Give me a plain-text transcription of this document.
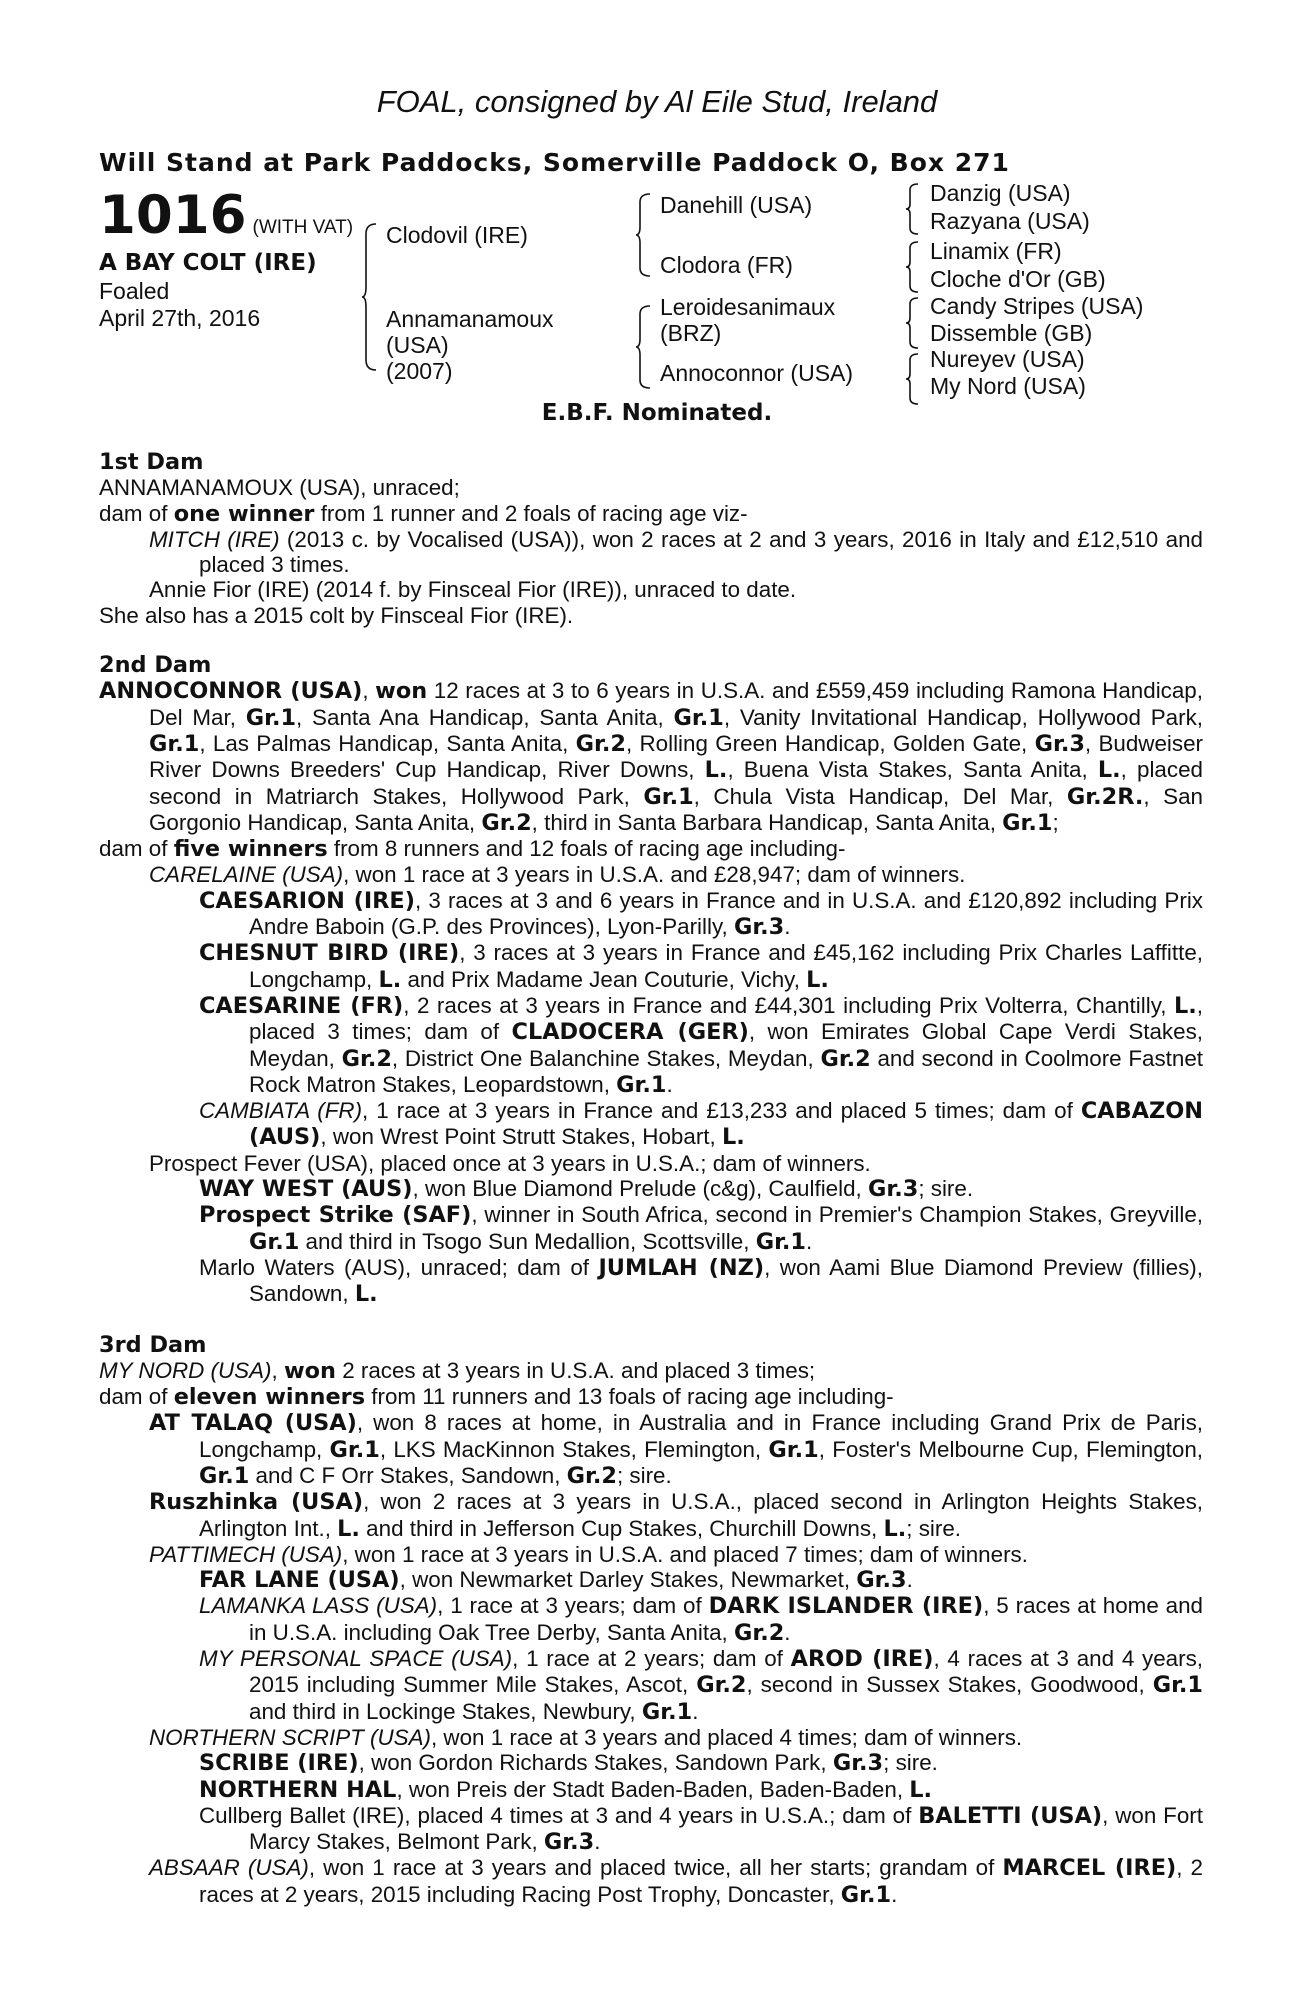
FOAL, consigned by Al Eile Stud, Ireland
Will Stand at Park Paddocks, Somerville Paddock O, Box 271
1016 (WITH VAT)
A BAY COLT (IRE)
Foaled
April 27th, 2016
Clodovil (IRE)
Annamanamoux
(USA)
(2007)
Danehill (USA)
Clodora (FR)
Leroidesanimaux
(BRZ)
Annoconnor (USA)
Danzig (USA)
Razyana (USA)
Linamix (FR)
Cloche d'Or (GB)
Candy Stripes (USA)
Dissemble (GB)
Nureyev (USA)
My Nord (USA)
E.B.F. Nominated.

1st Dam

ANNAMANAMOUX (USA), unraced;

dam of one winner from 1 runner and 2 foals of racing age viz-

MITCH (IRE) (2013 c. by Vocalised (USA)), won 2 races at 2 and 3 years, 2016 in Italy and £12,510 and placed 3 times.

Annie Fior (IRE) (2014 f. by Finsceal Fior (IRE)), unraced to date.

She also has a 2015 colt by Finsceal Fior (IRE).

2nd Dam

ANNOCONNOR (USA), won 12 races at 3 to 6 years in U.S.A. and £559,459 including Ramona Handicap, Del Mar, Gr.1, Santa Ana Handicap, Santa Anita, Gr.1, Vanity Invitational Handicap, Hollywood Park, Gr.1, Las Palmas Handicap, Santa Anita, Gr.2, Rolling Green Handicap, Golden Gate, Gr.3, Budweiser River Downs Breeders' Cup Handicap, River Downs, L., Buena Vista Stakes, Santa Anita, L., placed second in Matriarch Stakes, Hollywood Park, Gr.1, Chula Vista Handicap, Del Mar, Gr.2R., San Gorgonio Handicap, Santa Anita, Gr.2, third in Santa Barbara Handicap, Santa Anita, Gr.1;

dam of five winners from 8 runners and 12 foals of racing age including-

CARELAINE (USA), won 1 race at 3 years in U.S.A. and £28,947; dam of winners.

CAESARION (IRE), 3 races at 3 and 6 years in France and in U.S.A. and £120,892 including Prix Andre Baboin (G.P. des Provinces), Lyon-Parilly, Gr.3.

CHESNUT BIRD (IRE), 3 races at 3 years in France and £45,162 including Prix Charles Laffitte, Longchamp, L. and Prix Madame Jean Couturie, Vichy, L.

CAESARINE (FR), 2 races at 3 years in France and £44,301 including Prix Volterra, Chantilly, L., placed 3 times; dam of CLADOCERA (GER), won Emirates Global Cape Verdi Stakes, Meydan, Gr.2, District One Balanchine Stakes, Meydan, Gr.2 and second in Coolmore Fastnet Rock Matron Stakes, Leopardstown, Gr.1.

CAMBIATA (FR), 1 race at 3 years in France and £13,233 and placed 5 times; dam of CABAZON (AUS), won Wrest Point Strutt Stakes, Hobart, L.

Prospect Fever (USA), placed once at 3 years in U.S.A.; dam of winners.

WAY WEST (AUS), won Blue Diamond Prelude (c&g), Caulfield, Gr.3; sire.

Prospect Strike (SAF), winner in South Africa, second in Premier's Champion Stakes, Greyville, Gr.1 and third in Tsogo Sun Medallion, Scottsville, Gr.1.

Marlo Waters (AUS), unraced; dam of JUMLAH (NZ), won Aami Blue Diamond Preview (fillies), Sandown, L.

3rd Dam

MY NORD (USA), won 2 races at 3 years in U.S.A. and placed 3 times;

dam of eleven winners from 11 runners and 13 foals of racing age including-

AT TALAQ (USA), won 8 races at home, in Australia and in France including Grand Prix de Paris, Longchamp, Gr.1, LKS MacKinnon Stakes, Flemington, Gr.1, Foster's Melbourne Cup, Flemington, Gr.1 and C F Orr Stakes, Sandown, Gr.2; sire.

Ruszhinka (USA), won 2 races at 3 years in U.S.A., placed second in Arlington Heights Stakes, Arlington Int., L. and third in Jefferson Cup Stakes, Churchill Downs, L.; sire.

PATTIMECH (USA), won 1 race at 3 years in U.S.A. and placed 7 times; dam of winners.

FAR LANE (USA), won Newmarket Darley Stakes, Newmarket, Gr.3.

LAMANKA LASS (USA), 1 race at 3 years; dam of DARK ISLANDER (IRE), 5 races at home and in U.S.A. including Oak Tree Derby, Santa Anita, Gr.2.

MY PERSONAL SPACE (USA), 1 race at 2 years; dam of AROD (IRE), 4 races at 3 and 4 years, 2015 including Summer Mile Stakes, Ascot, Gr.2, second in Sussex Stakes, Goodwood, Gr.1 and third in Lockinge Stakes, Newbury, Gr.1.

NORTHERN SCRIPT (USA), won 1 race at 3 years and placed 4 times; dam of winners.

SCRIBE (IRE), won Gordon Richards Stakes, Sandown Park, Gr.3; sire.

NORTHERN HAL, won Preis der Stadt Baden-Baden, Baden-Baden, L.

Cullberg Ballet (IRE), placed 4 times at 3 and 4 years in U.S.A.; dam of BALETTI (USA), won Fort Marcy Stakes, Belmont Park, Gr.3.

ABSAAR (USA), won 1 race at 3 years and placed twice, all her starts; grandam of MARCEL (IRE), 2 races at 2 years, 2015 including Racing Post Trophy, Doncaster, Gr.1.
